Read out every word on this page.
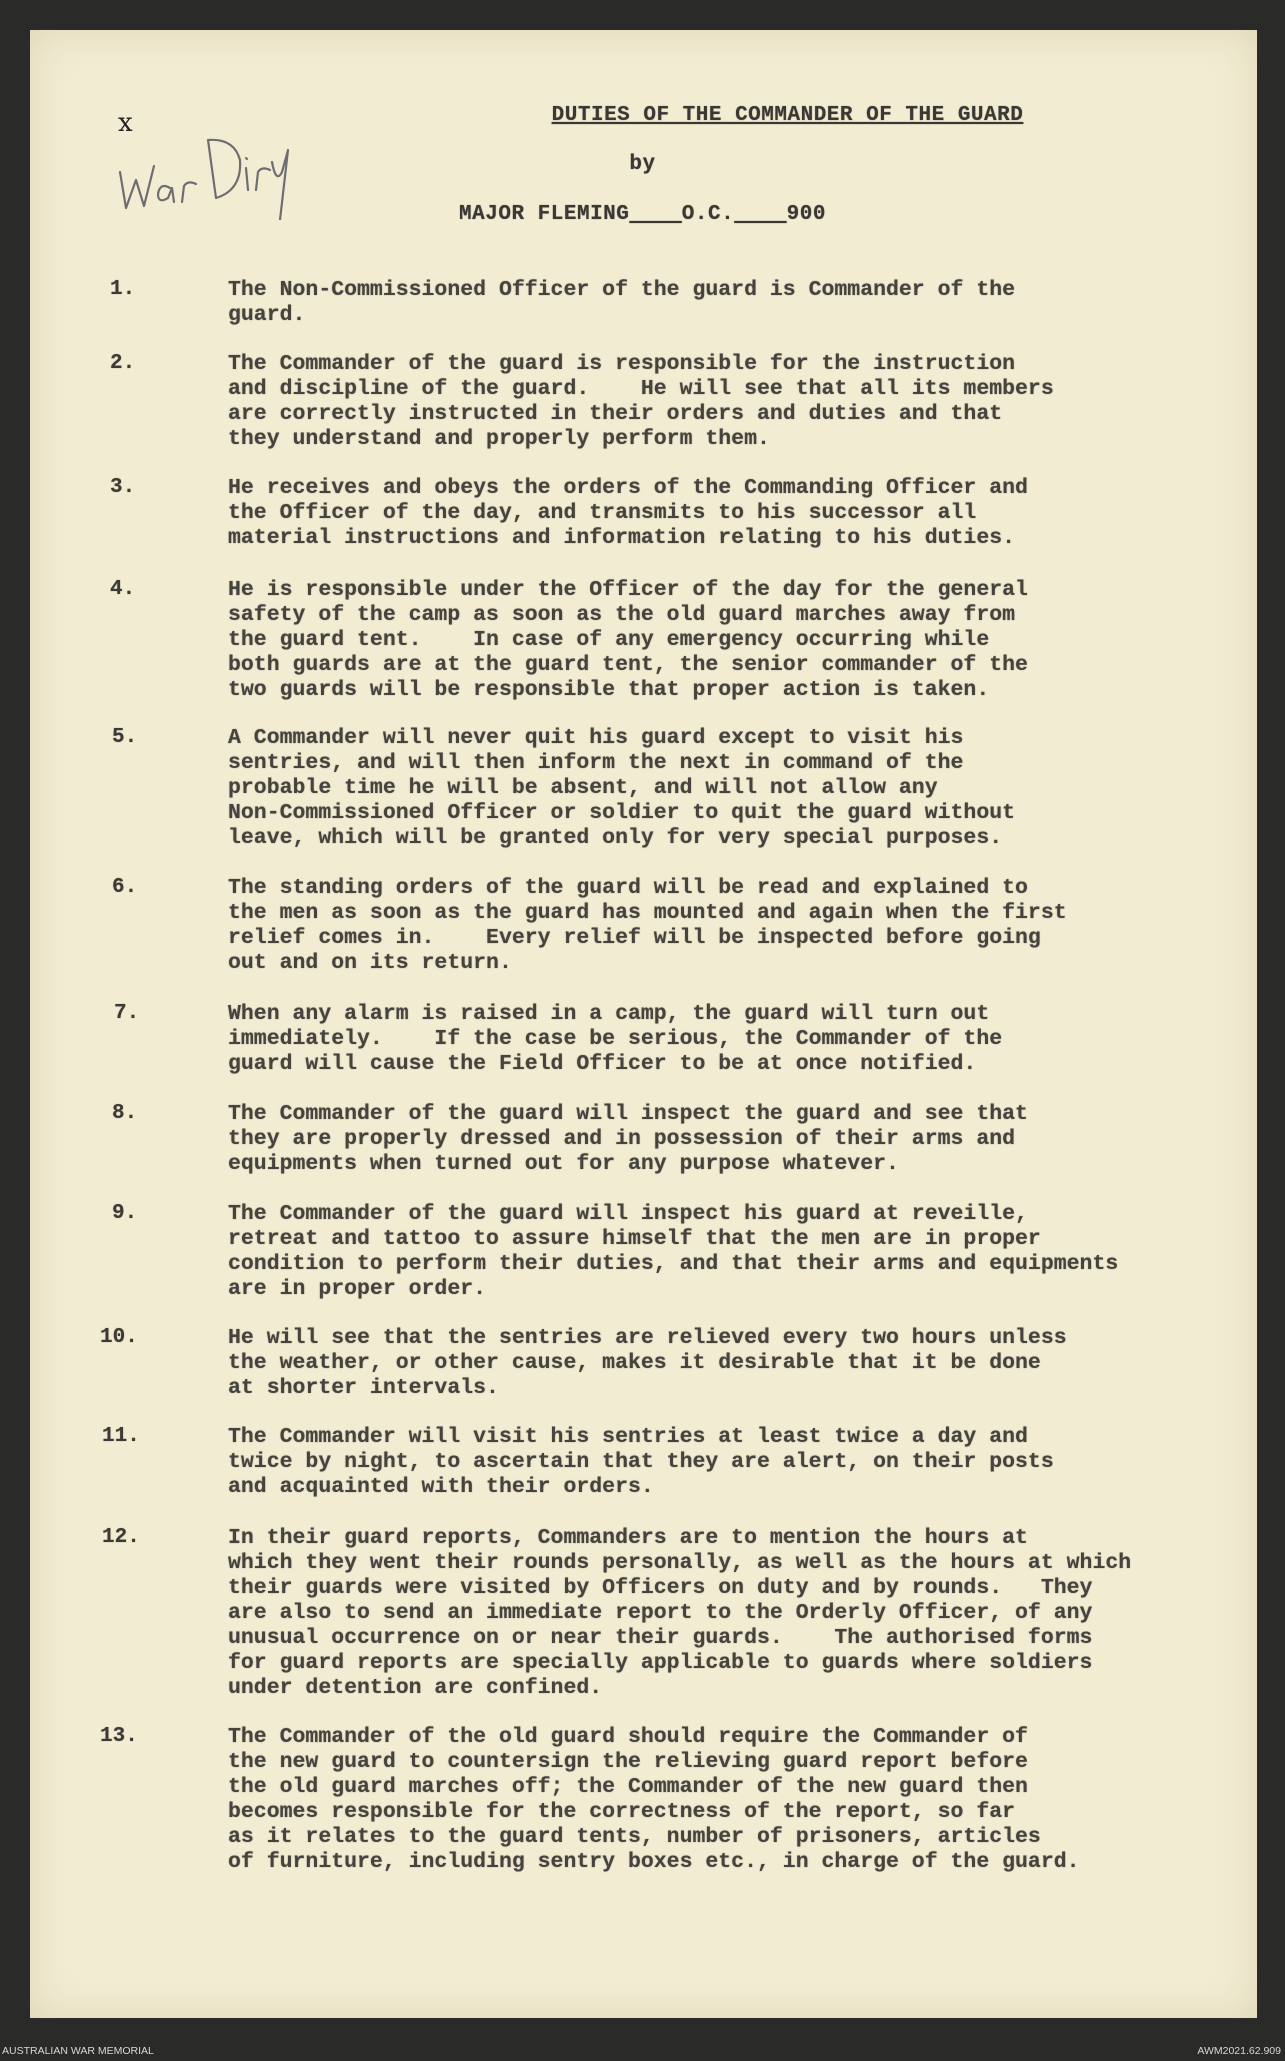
x	DUTIES OF THE COMMANDER OF THE GUARD
by
MAJOR FLEMING O.C. 900
1.	The Non-Commissioned Officer of the guard is Commander of the
guard.
2.	The Commander of the guard is responsible for the instruction
and discipline of the guard.    He will see that all its members
are correctly instructed in their orders and duties and that
they understand and properly perform them.
3.	He receives and obeys the orders of the Commanding Officer and
the Officer of the day, and transmits to his successor all
material instructions and information relating to his duties.
4.	He is responsible under the Officer of the day for the general
safety of the camp as soon as the old guard marches away from
the guard tent.    In case of any emergency occurring while
both guards are at the guard tent, the senior commander of the
two guards will be responsible that proper action is taken.
5.	A Commander will never quit his guard except to visit his
sentries, and will then inform the next in command of the
probable time he will be absent, and will not allow any
Non-Commissioned Officer or soldier to quit the guard without
leave, which will be granted only for very special purposes.
6.	The standing orders of the guard will be read and explained to
the men as soon as the guard has mounted and again when the first
relief comes in.    Every relief will be inspected before going
out and on its return.
7.	When any alarm is raised in a camp, the guard will turn out
immediately.    If the case be serious, the Commander of the
guard will cause the Field Officer to be at once notified.
8.	The Commander of the guard will inspect the guard and see that
they are properly dressed and in possession of their arms and
equipments when turned out for any purpose whatever.
9.	The Commander of the guard will inspect his guard at reveille,
retreat and tattoo to assure himself that the men are in proper
condition to perform their duties, and that their arms and equipments
are in proper order.
10.	He will see that the sentries are relieved every two hours unless
the weather, or other cause, makes it desirable that it be done
at shorter intervals.
11.	The Commander will visit his sentries at least twice a day and
twice by night, to ascertain that they are alert, on their posts
and acquainted with their orders.
12.	In their guard reports, Commanders are to mention the hours at
which they went their rounds personally, as well as the hours at which
their guards were visited by Officers on duty and by rounds.   They
are also to send an immediate report to the Orderly Officer, of any
unusual occurrence on or near their guards.    The authorised forms
for guard reports are specially applicable to guards where soldiers
under detention are confined.
13.	The Commander of the old guard should require the Commander of
the new guard to countersign the relieving guard report before
the old guard marches off; the Commander of the new guard then
becomes responsible for the correctness of the report, so far
as it relates to the guard tents, number of prisoners, articles
of furniture, including sentry boxes etc., in charge of the guard.
AUSTRALIAN WAR MEMORIAL	AWM2021.62.909
